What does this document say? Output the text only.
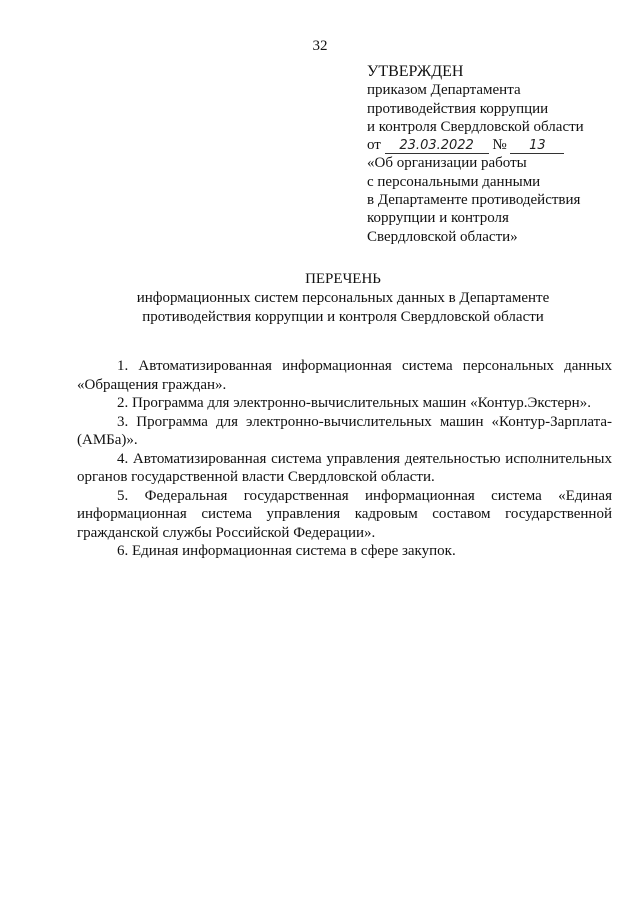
32
УТВЕРЖДЕН
приказом Департамента
противодействия коррупции
и контроля Свердловской области
от 23.03.2022 № 13
«Об организации работы
с персональными данными
в Департаменте противодействия
коррупции и контроля
Свердловской области»
ПЕРЕЧЕНЬ
информационных систем персональных данных в Департаменте
противодействия коррупции и контроля Свердловской области

1. Автоматизированная информационная система персональных данных «Обращения граждан».

2. Программа для электронно-вычислительных машин «Контур.Экстерн».

3. Программа для электронно-вычислительных машин «Контур-Зарплата-(АМБа)».

4. Автоматизированная система управления деятельностью исполнительных органов государственной власти Свердловской области.

5. Федеральная государственная информационная система «Единая информационная система управления кадровым составом государственной гражданской службы Российской Федерации».

6. Единая информационная система в сфере закупок.
